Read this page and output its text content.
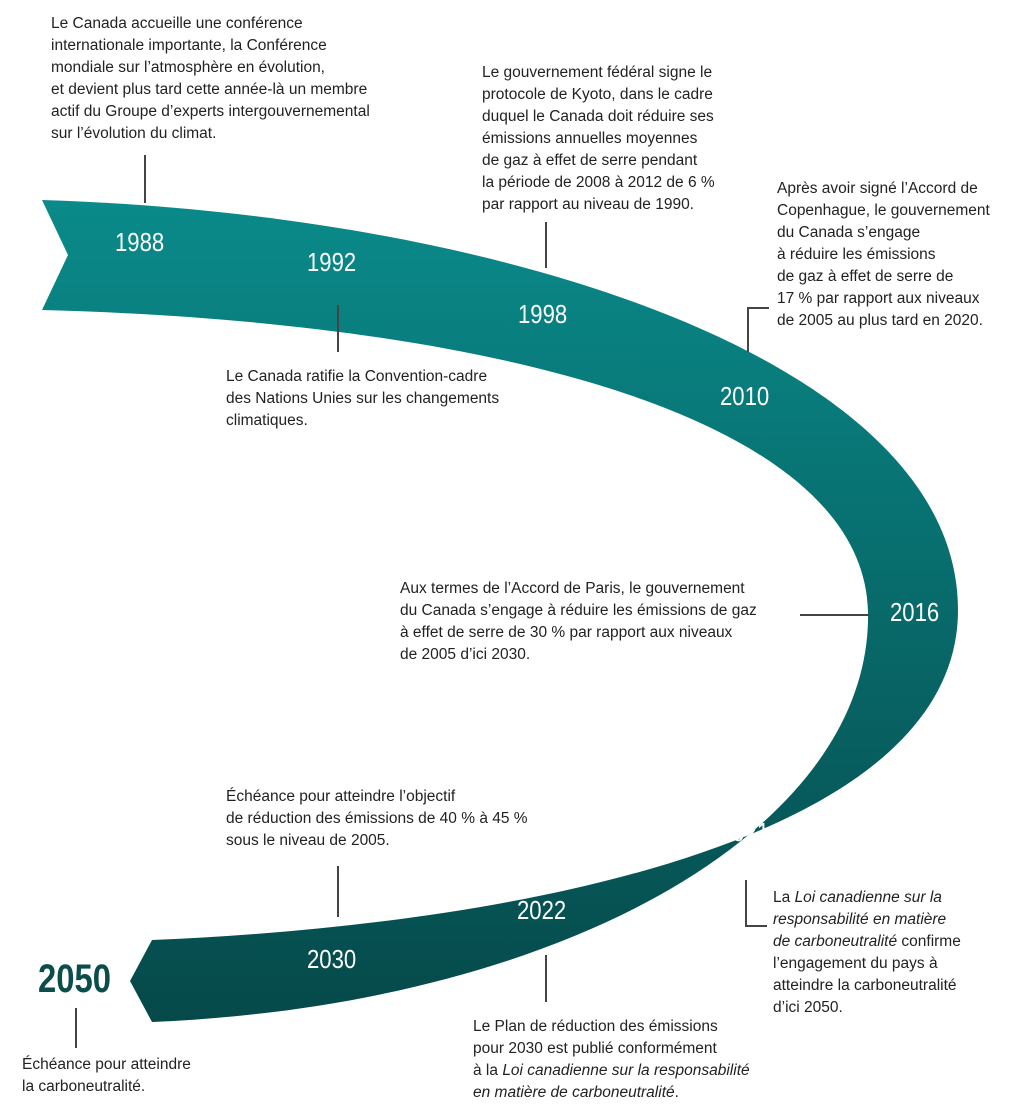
1988
1992
1998
2010
2016
2021
2022
2030
2050
Le Canada accueille une conférence
internationale importante, la Conférence
mondiale sur l’atmosphère en évolution,
et devient plus tard cette année-là un membre
actif du Groupe d’experts intergouvernemental
sur l’évolution du climat.
Le Canada ratifie la Convention-cadre
des Nations Unies sur les changements
climatiques.
Le gouvernement fédéral signe le
protocole de Kyoto, dans le cadre
duquel le Canada doit réduire ses
émissions annuelles moyennes
de gaz à effet de serre pendant
la période de 2008 à 2012 de 6 %
par rapport au niveau de 1990.
Après avoir signé l’Accord de
Copenhague, le gouvernement
du Canada s’engage
à réduire les émissions
de gaz à effet de serre de
17 % par rapport aux niveaux
de 2005 au plus tard en 2020.
Aux termes de l’Accord de Paris, le gouvernement
du Canada s’engage à réduire les émissions de gaz
à effet de serre de 30 % par rapport aux niveaux
de 2005 d’ici 2030.
La Loi canadienne sur la
responsabilité en matière
de carboneutralité confirme
l’engagement du pays à
atteindre la carboneutralité
d’ici 2050.
Le Plan de réduction des émissions
pour 2030 est publié conformément
à la Loi canadienne sur la responsabilité
en matière de carboneutralité.
Échéance pour atteindre l’objectif
de réduction des émissions de 40 % à 45 %
sous le niveau de 2005.
Échéance pour atteindre
la carboneutralité.
